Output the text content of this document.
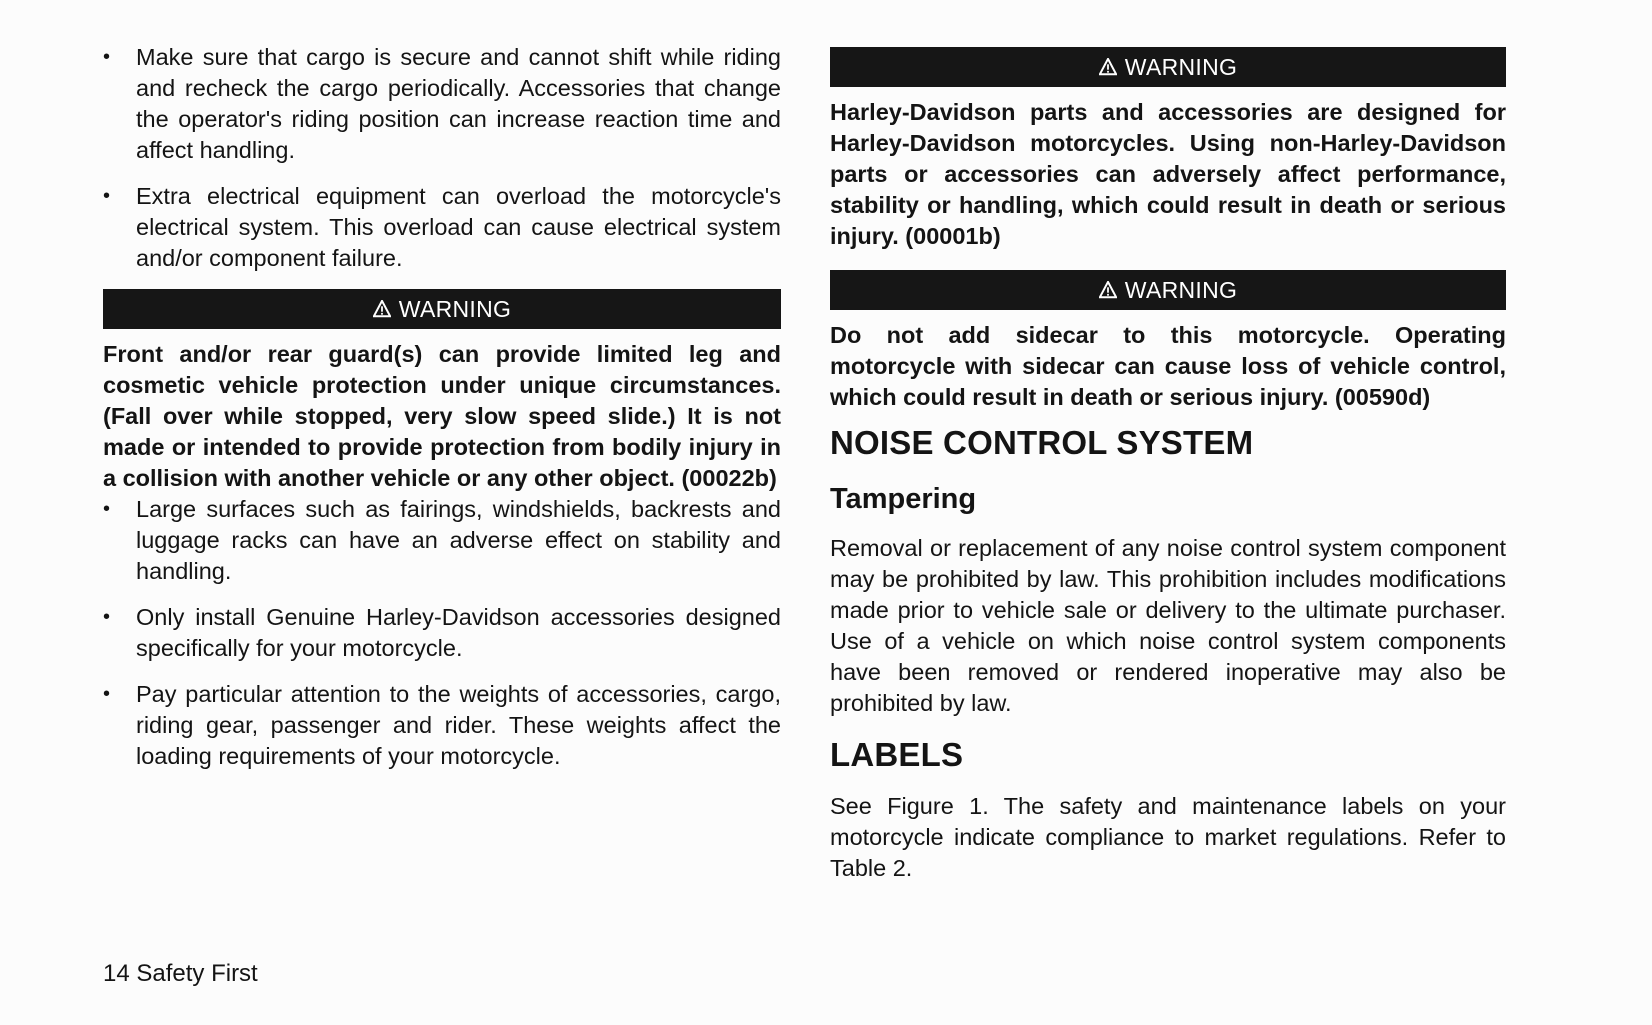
• Make sure that cargo is secure and cannot shift while riding and recheck the cargo periodically. Accessories that change the operator's riding position can increase reaction time and affect handling.
• Extra electrical equipment can overload the motorcycle's electrical system. This overload can cause electrical system and/or component failure.
WARNING

Front and/or rear guard(s) can provide limited leg and cosmetic vehicle protection under unique circumstances. (Fall over while stopped, very slow speed slide.) It is not made or intended to provide protection from bodily injury in a collision with another vehicle or any other object. (00022b)

• Large surfaces such as fairings, windshields, backrests and luggage racks can have an adverse effect on stability and handling.
• Only install Genuine Harley-Davidson accessories designed specifically for your motorcycle.
• Pay particular attention to the weights of accessories, cargo, riding gear, passenger and rider. These weights affect the loading requirements of your motorcycle.
WARNING

Harley-Davidson parts and accessories are designed for Harley-Davidson motorcycles. Using non-Harley-Davidson parts or accessories can adversely affect performance, stability or handling, which could result in death or serious injury. (00001b)

WARNING

Do not add sidecar to this motorcycle. Operating motorcycle with sidecar can cause loss of vehicle control, which could result in death or serious injury. (00590d)

NOISE CONTROL SYSTEM
Tampering

Removal or replacement of any noise control system component may be prohibited by law. This prohibition includes modifications made prior to vehicle sale or delivery to the ultimate purchaser. Use of a vehicle on which noise control system components have been removed or rendered inoperative may also be prohibited by law.

LABELS

See Figure 1. The safety and maintenance labels on your motorcycle indicate compliance to market regulations. Refer to Table 2.

14 Safety First
